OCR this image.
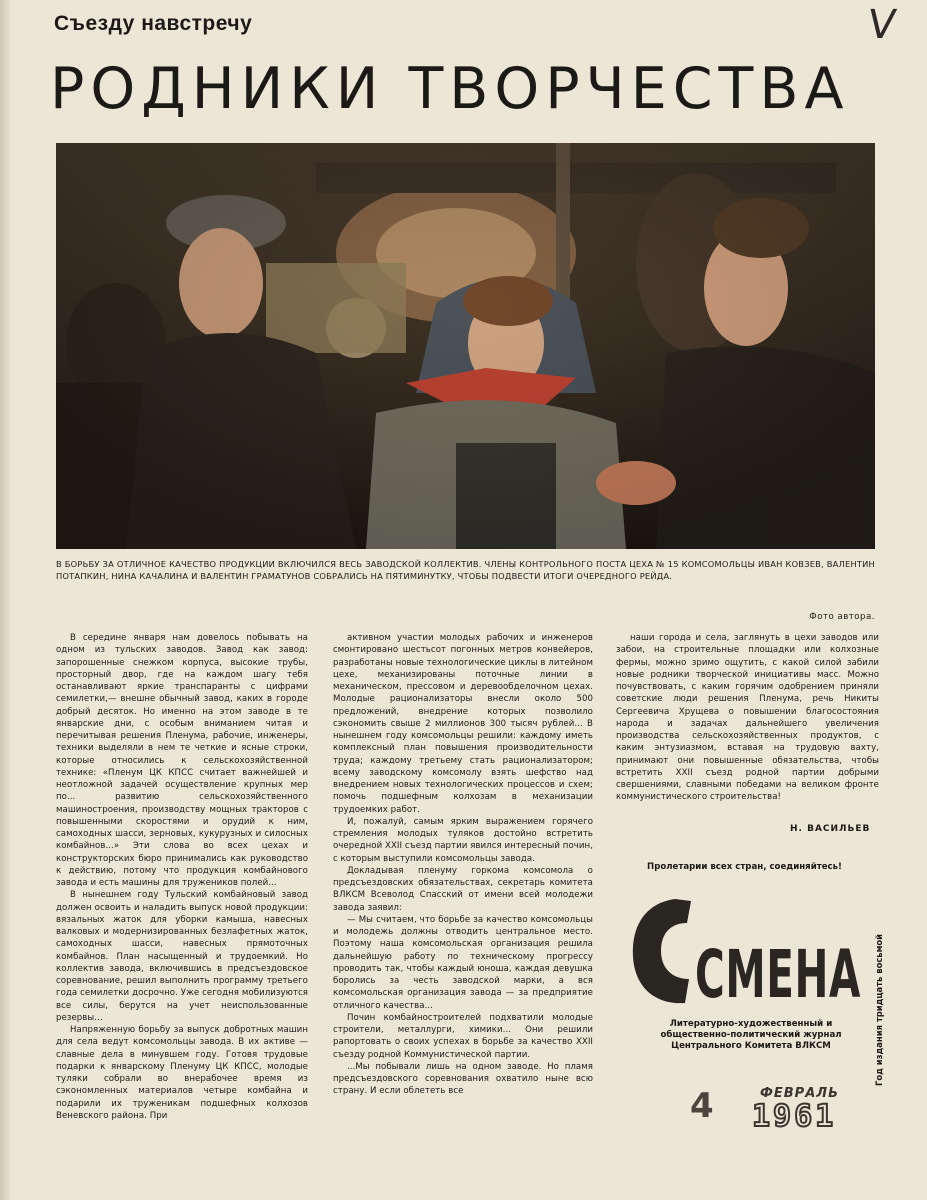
Съезду навстречу	V
РОДНИКИ ТВОРЧЕСТВА
В БОРЬБУ ЗА ОТЛИЧНОЕ КАЧЕСТВО ПРОДУКЦИИ ВКЛЮЧИЛСЯ ВЕСЬ ЗАВОДСКОЙ КОЛЛЕКТИВ. ЧЛЕНЫ КОНТРОЛЬНОГО ПОСТА ЦЕХА № 15 КОМСОМОЛЬЦЫ ИВАН КОВЗЕВ, ВАЛЕНТИН ПОТАПКИН, НИНА КАЧАЛИНА И ВАЛЕНТИН ГРАМАТУНОВ СОБРАЛИСЬ НА ПЯТИМИНУТКУ, ЧТОБЫ ПОДВЕСТИ ИТОГИ ОЧЕРЕДНОГО РЕЙДА.
Фото автора.

В середине января нам довелось побывать на одном из тульских заводов. Завод как завод: запорошенные снежком корпуса, высокие трубы, просторный двор, где на каждом шагу тебя останавливают яркие транспаранты с цифрами семилетки,— внешне обычный завод, каких в городе добрый десяток. Но именно на этом заводе в те январские дни, с особым вниманием читая и перечитывая решения Пленума, рабочие, инженеры, техники выделяли в нем те четкие и ясные строки, которые относились к сельскохозяйственной технике: «Пленум ЦК КПСС считает важнейшей и неотложной задачей осуществление крупных мер по... развитию сельскохозяйственного машиностроения, производству мощных тракторов с повышенными скоростями и орудий к ним, самоходных шасси, зерновых, кукурузных и силосных комбайнов...» Эти слова во всех цехах и конструкторских бюро принимались как руководство к действию, потому что продукция комбайнового завода и есть машины для тружеников полей...

В нынешнем году Тульский комбайновый завод должен освоить и наладить выпуск новой продукции: вязальных жаток для уборки камыша, навесных валковых и модернизированных безлафетных жаток, самоходных шасси, навесных прямоточных комбайнов. План насыщенный и трудоемкий. Но коллектив завода, включившись в предсъездовское соревнование, решил выполнить программу третьего года семилетки досрочно. Уже сегодня мобилизуются все силы, берутся на учет неиспользованные резервы...

Напряженную борьбу за выпуск добротных машин для села ведут комсомольцы завода. В их активе — славные дела в минувшем году. Готовя трудовые подарки к январскому Пленуму ЦК КПСС, молодые туляки собрали во внерабочее время из сэкономленных материалов четыре комбайна и подарили их труженикам подшефных колхозов Веневского района. При

активном участии молодых рабочих и инженеров смонтировано шестьсот погонных метров конвейеров, разработаны новые технологические циклы в литейном цехе, механизированы поточные линии в механическом, прессовом и деревообделочном цехах. Молодые рационализаторы внесли около 500 предложений, внедрение которых позволило сэкономить свыше 2 миллионов 300 тысяч рублей... В нынешнем году комсомольцы решили: каждому иметь комплексный план повышения производительности труда; каждому третьему стать рационализатором; всему заводскому комсомолу взять шефство над внедрением новых технологических процессов и схем; помочь подшефным колхозам в механизации трудоемких работ.

И, пожалуй, самым ярким выражением горячего стремления молодых туляков достойно встретить очередной XXII съезд партии явился интересный почин, с которым выступили комсомольцы завода.

Докладывая пленуму горкома комсомола о предсъездовских обязательствах, секретарь комитета ВЛКСМ Всеволод Спасский от имени всей молодежи завода заявил:

— Мы считаем, что борьбе за качество комсомольцы и молодежь должны отводить центральное место. Поэтому наша комсомольская организация решила дальнейшую работу по техническому прогрессу проводить так, чтобы каждый юноша, каждая девушка боролись за честь заводской марки, а вся комсомольская организация завода — за предприятие отличного качества...

Почин комбайностроителей подхватили молодые строители, металлурги, химики... Они решили рапортовать о своих успехах в борьбе за качество XXII съезду родной Коммунистической партии.

...Мы побывали лишь на одном заводе. Но пламя предсъездовского соревнования охватило ныне всю страну. И если облететь все

наши города и села, заглянуть в цехи заводов или забои, на строительные площадки или колхозные фермы, можно зримо ощутить, с какой силой забили новые родники творческой инициативы масс. Можно почувствовать, с каким горячим одобрением приняли советские люди решения Пленума, речь Никиты Сергеевича Хрущева о повышении благосостояния народа и задачах дальнейшего увеличения производства сельскохозяйственных продуктов, с каким энтузиазмом, вставая на трудовую вахту, принимают они повышенные обязательства, чтобы встретить XXII съезд родной партии добрыми свершениями, славными победами на великом фронте коммунистического строительства!

Н. ВАСИЛЬЕВ
Пролетарии всех стран, соединяйтесь!
СМЕНА
Литературно-художественный и общественно-политический журнал Центрального Комитета ВЛКСМ	Год издания тридцать восьмой
4	ФЕВРАЛЬ
1961
